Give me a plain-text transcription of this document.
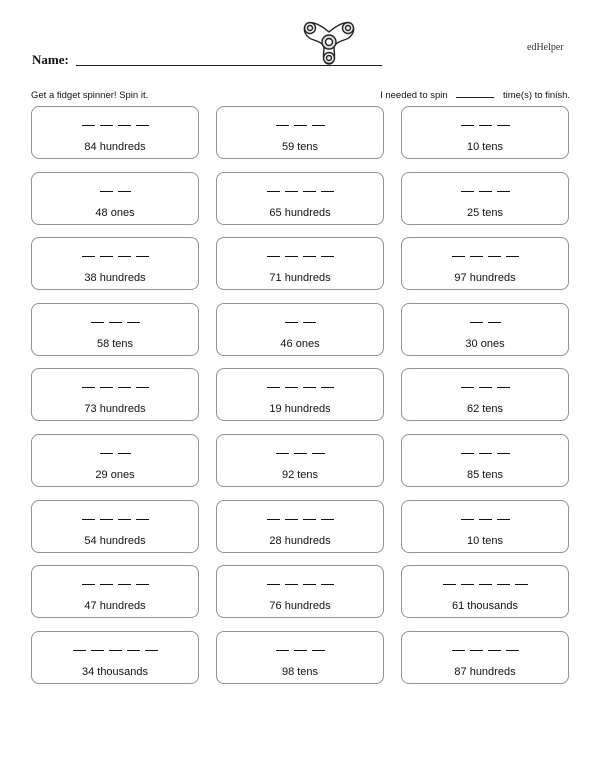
edHelper
Name:
Get a fidget spinner! Spin it.	I needed to spin	time(s) to finish.
84 hundreds	59 tens	10 tens
48 ones	65 hundreds	25 tens
38 hundreds	71 hundreds	97 hundreds
58 tens	46 ones	30 ones
73 hundreds	19 hundreds	62 tens
29 ones	92 tens	85 tens
54 hundreds	28 hundreds	10 tens
47 hundreds	76 hundreds	61 thousands
34 thousands	98 tens	87 hundreds
